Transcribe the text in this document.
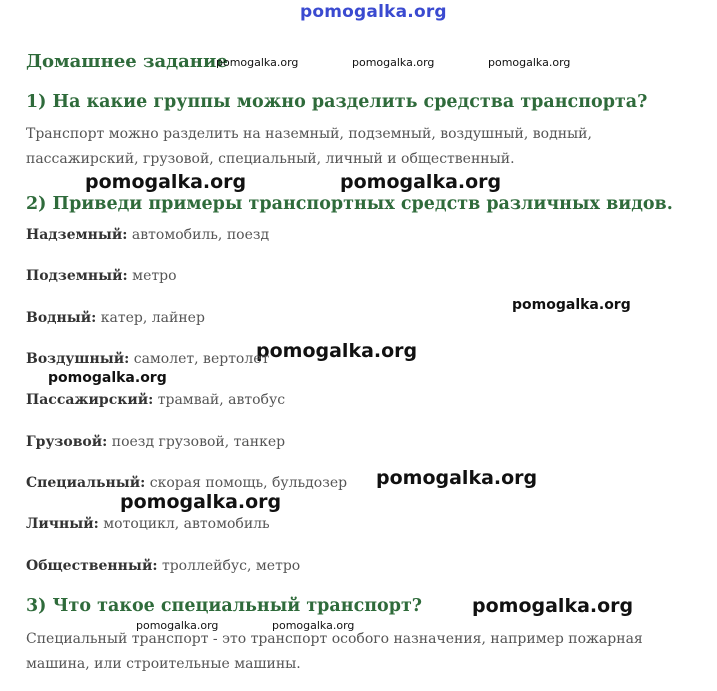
pomogalka.org
Домашнее задание
pomogalka.org	pomogalka.org	pomogalka.org
1) На какие группы можно разделить средства транспорта?

Транспорт можно разделить на наземный, подземный, воздушный, водный,

пассажирский, грузовой, специальный, личный и общественный.

pomogalka.org	pomogalka.org
2) Приведи примеры транспортных средств различных видов.
Надземный: автомобиль, поезд
Подземный: метро
pomogalka.org
Водный: катер, лайнер
pomogalka.org
Воздушный: самолет, вертолет
pomogalka.org
Пассажирский: трамвай, автобус
Грузовой: поезд грузовой, танкер
pomogalka.org
Специальный: скорая помощь, бульдозер
pomogalka.org
Личный: мотоцикл, автомобиль
Общественный: троллейбус, метро
3) Что такое специальный транспорт?	pomogalka.org
pomogalka.org	pomogalka.org

Специальный транспорт - это транспорт особого назначения, например пожарная

машина, или строительные машины.
